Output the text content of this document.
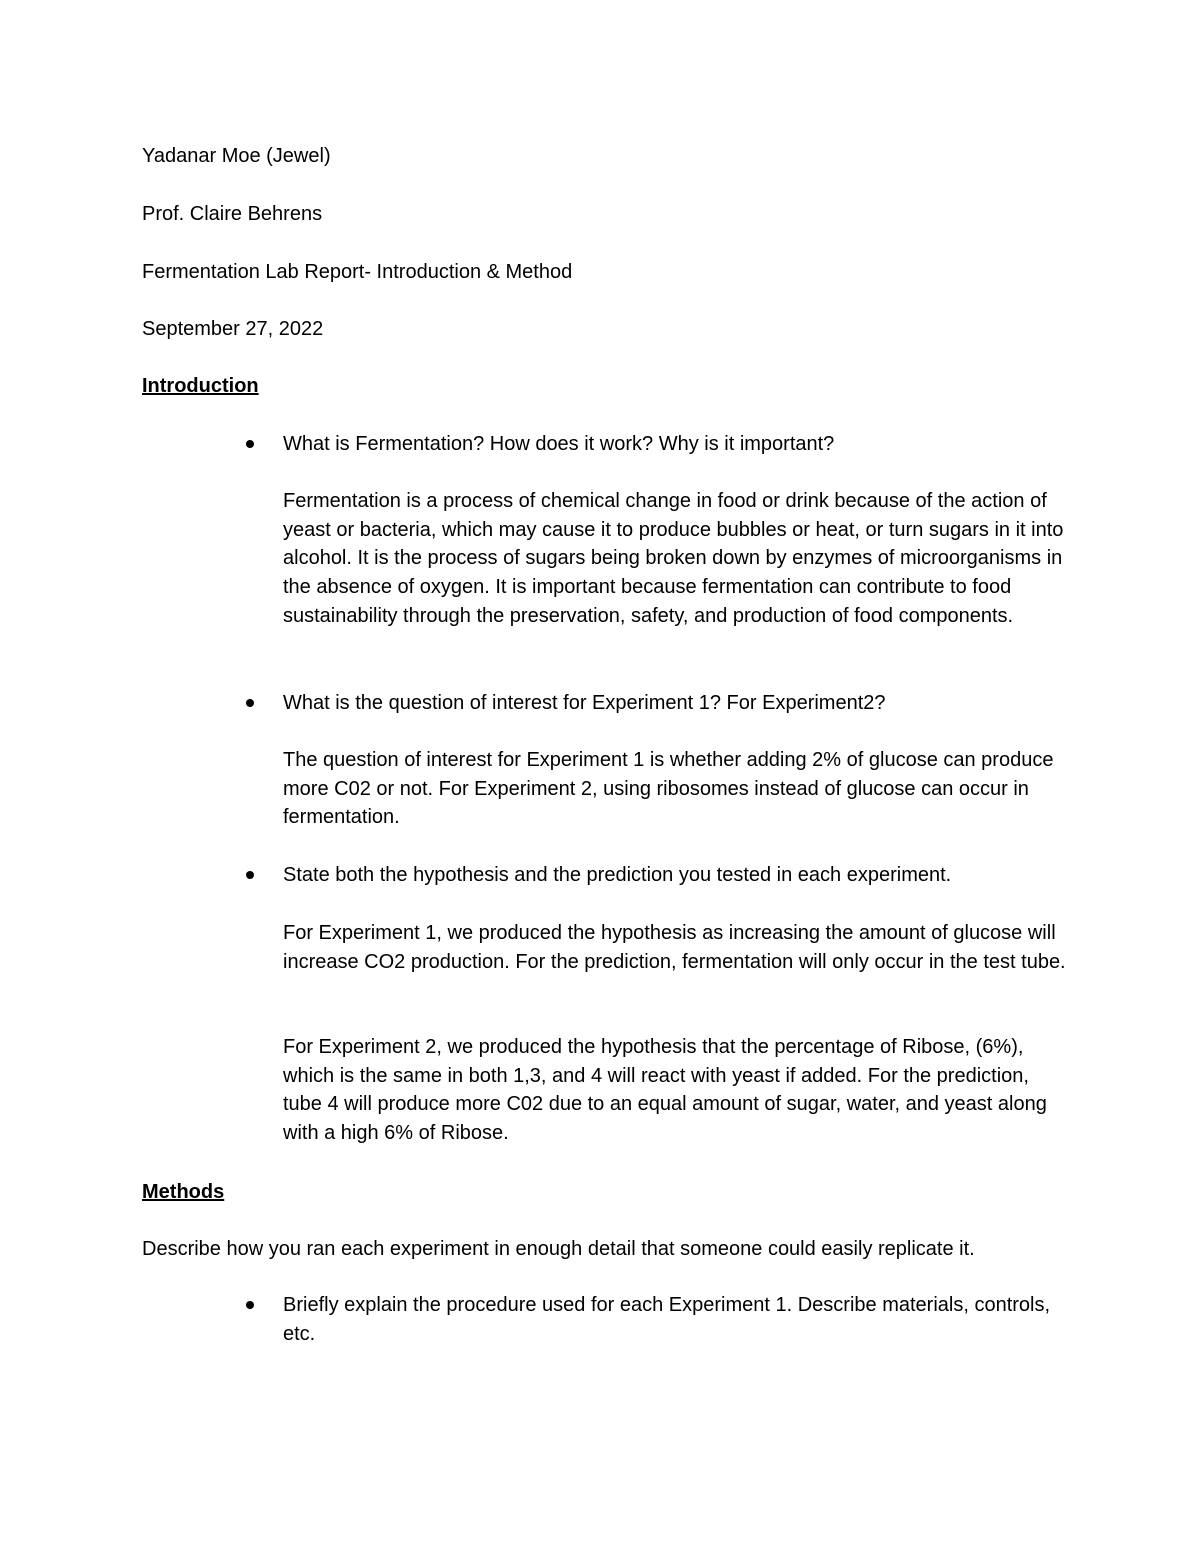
Yadanar Moe (Jewel)
Prof. Claire Behrens
Fermentation Lab Report- Introduction & Method
September 27, 2022
Introduction
What is Fermentation? How does it work? Why is it important?
Fermentation is a process of chemical change in food or drink because of the action of yeast or bacteria, which may cause it to produce bubbles or heat, or turn sugars in it into alcohol. It is the process of sugars being broken down by enzymes of microorganisms in the absence of oxygen. It is important because fermentation can contribute to food sustainability through the preservation, safety, and production of food components.
What is the question of interest for Experiment 1? For Experiment2?
The question of interest for Experiment 1 is whether adding 2% of glucose can produce more C02 or not. For Experiment 2, using ribosomes instead of glucose can occur in fermentation.
State both the hypothesis and the prediction you tested in each experiment.
For Experiment 1, we produced the hypothesis as increasing the amount of glucose will increase CO2 production. For the prediction, fermentation will only occur in the test tube.
For Experiment 2, we produced the hypothesis that the percentage of Ribose, (6%), which is the same in both 1,3, and 4 will react with yeast if added. For the prediction, tube 4 will produce more C02 due to an equal amount of sugar, water, and yeast along with a high 6% of Ribose.
Methods
Describe how you ran each experiment in enough detail that someone could easily replicate it.
Briefly explain the procedure used for each Experiment 1. Describe materials, controls, etc.
